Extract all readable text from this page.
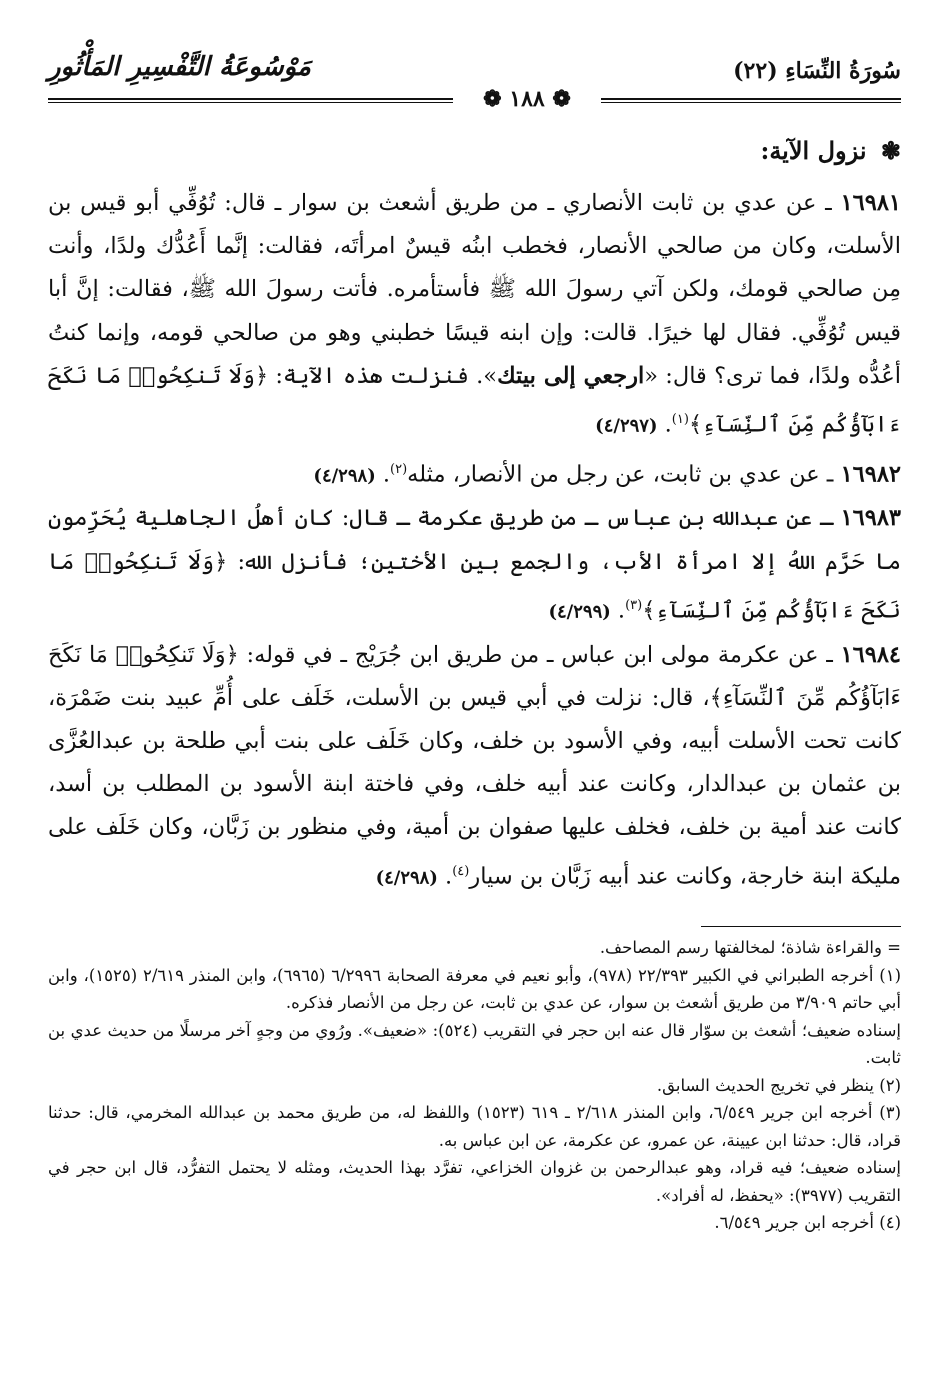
سُورَةُ النِّسَاءِ (٢٢)
مَوْسُوعَةُ التَّفْسِيرِ المَأْثُورِ
❁ ١٨٨ ❁
❃ نزول الآية:

١٦٩٨١ ـ عن عدي بن ثابت الأنصاري ـ من طريق أشعث بن سوار ـ قال: تُوُفِّي أبو قيس بن الأسلت، وكان من صالحي الأنصار، فخطب ابنُه قيسٌ امرأتَه، فقالت: إنَّما أَعُدُّك ولدًا، وأنت مِن صالحي قومك، ولكن آتي رسولَ الله ﷺ فأستأمره. فأتت رسولَ الله ﷺ، فقالت: إنَّ أبا قيس تُوُفِّي. فقال لها خيرًا. قالت: وإن ابنه قيسًا خطبني وهو من صالحي قومه، وإنما كنتُ أعُدُّه ولدًا، فما ترى؟ قال: «ارجعي إلى بيتك». فنزلت هذه الآية: ﴿وَلَا تَنكِحُوا۟ مَا نَكَحَ ءَابَآؤُكُم مِّنَ ٱلنِّسَآءِ﴾$^{(١)}$. (٤/٢٩٧)

١٦٩٨٢ ـ عن عدي بن ثابت، عن رجل من الأنصار، مثله$^{(٢)}$. (٤/٢٩٨)

١٦٩٨٣ ـ عن عبدالله بن عباس ـ من طريق عكرمة ـ قال: كان أهلُ الجاهلية يُحَرِّمون ما حَرَّم اللهُ إلا امرأة الأب، والجمع بين الأختين؛ فأنزل الله: ﴿وَلَا تَنكِحُوا۟ مَا نَكَحَ ءَابَآؤُكُم مِّنَ ٱلنِّسَآءِ﴾$^{(٣)}$. (٤/٢٩٩)

١٦٩٨٤ ـ عن عكرمة مولى ابن عباس ـ من طريق ابن جُرَيْج ـ في قوله: ﴿وَلَا تَنكِحُوا۟ مَا نَكَحَ ءَابَآؤُكُم مِّنَ ٱلنِّسَآءِ﴾، قال: نزلت في أبي قيس بن الأسلت، خَلَف على أُمِّ عبيد بنت ضَمْرَة، كانت تحت الأسلت أبيه، وفي الأسود بن خلف، وكان خَلَف على بنت أبي طلحة بن عبدالعُزَّى بن عثمان بن عبدالدار، وكانت عند أبيه خلف، وفي فاختة ابنة الأسود بن المطلب بن أسد، كانت عند أمية بن خلف، فخلف عليها صفوان بن أمية، وفي منظور بن زَبَّان، وكان خَلَف على مليكة ابنة خارجة، وكانت عند أبيه زَبَّان بن سيار$^{(٤)}$. (٤/٢٩٨)

= والقراءة شاذة؛ لمخالفتها رسم المصاحف.

(١) أخرجه الطبراني في الكبير ٢٢/٣٩٣ (٩٧٨)، وأبو نعيم في معرفة الصحابة ٦/٢٩٩٦ (٦٩٦٥)، وابن المنذر ٢/٦١٩ (١٥٢٥)، وابن أبي حاتم ٣/٩٠٩ من طريق أشعث بن سوار، عن عدي بن ثابت، عن رجل من الأنصار فذكره.

إسناده ضعيف؛ أشعث بن سوّار قال عنه ابن حجر في التقريب (٥٢٤): «ضعيف». ورُوي من وجهٍ آخر مرسلًا من حديث عدي بن ثابت.

(٢) ينظر في تخريج الحديث السابق.

(٣) أخرجه ابن جرير ٦/٥٤٩، وابن المنذر ٢/٦١٨ ـ ٦١٩ (١٥٢٣) واللفظ له، من طريق محمد بن عبدالله المخرمي، قال: حدثنا قراد، قال: حدثنا ابن عيينة، عن عمرو، عن عكرمة، عن ابن عباس به.

إسناده ضعيف؛ فيه قراد، وهو عبدالرحمن بن غزوان الخزاعي، تفرَّد بهذا الحديث، ومثله لا يحتمل التفرُّد، قال ابن حجر في التقريب (٣٩٧٧): «يحفظ، له أفراد».

(٤) أخرجه ابن جرير ٦/٥٤٩.
